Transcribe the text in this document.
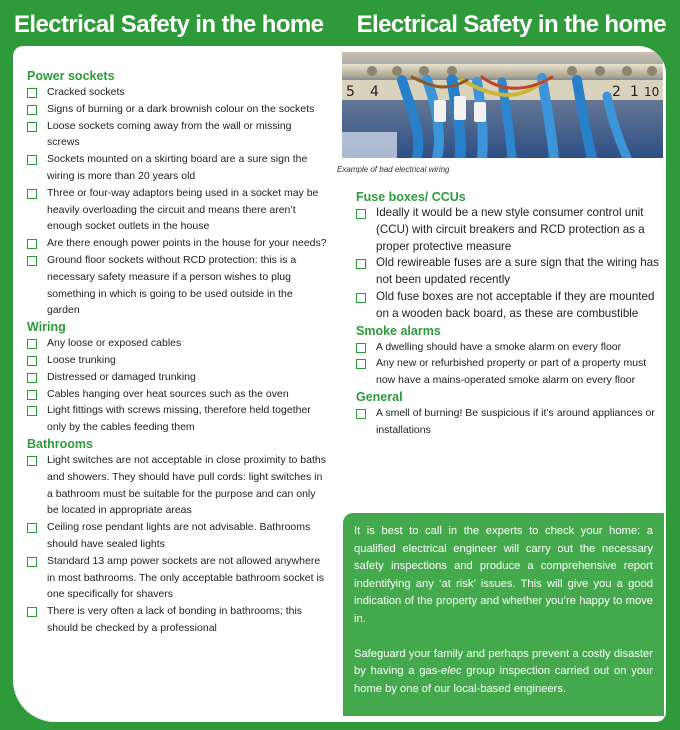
Electrical Safety in the home Electrical Safety in the home
Power sockets
Cracked sockets
Signs of burning or a dark brownish colour on the sockets
Loose sockets coming away from the wall or missing screws
Sockets mounted on a skirting board are a sure sign the wiring is more than 20 years old
Three or four-way adaptors being used in a socket may be heavily overloading the circuit and means there aren’t enough socket outlets in the house
Are there enough power points in the house for your needs?
Ground floor sockets without RCD protection: this is a necessary safety measure if a person wishes to plug something in which is going to be used outside in the garden
Wiring
Any loose or exposed cables
Loose trunking
Distressed or damaged trunking
Cables hanging over heat sources such as the oven
Light fittings with screws missing, therefore held together only by the cables feeding them
Bathrooms
Light switches are not acceptable in close proximity to baths and showers. They should have pull cords: light switches in a bathroom must be suitable for the purpose and can only be located in appropriate areas
Ceiling rose pendant lights are not advisable. Bathrooms should have sealed lights
Standard 13 amp power sockets are not allowed anywhere in most bathrooms. The only acceptable bathroom socket is one specifically for shavers
There is very often a lack of bonding in bathrooms; this should be checked by a professional
5 4	2 1 10
Example of bad electrical wiring
Fuse boxes/ CCUs
Ideally it would be a new style consumer control unit (CCU) with circuit breakers and RCD protection as a proper protective measure
Old rewireable fuses are a sure sign that the wiring has not been updated recently
Old fuse boxes are not acceptable if they are mounted on a wooden back board, as these are combustible
Smoke alarms
A dwelling should have a smoke alarm on every floor
Any new or refurbished property or part of a property must now have a mains-operated smoke alarm on every floor
General
A smell of burning! Be suspicious if it’s around appliances or installations

It is best to call in the experts to check your home: a qualified electrical engineer will carry out the necessary safety inspections and produce a comprehensive report indentifying any ‘at risk’ issues. This will give you a good indication of the property and whether you’re happy to move in.

Safeguard your family and perhaps prevent a costly disaster by having a gas-elec group inspection carried out on your home by one of our local-based engineers.
